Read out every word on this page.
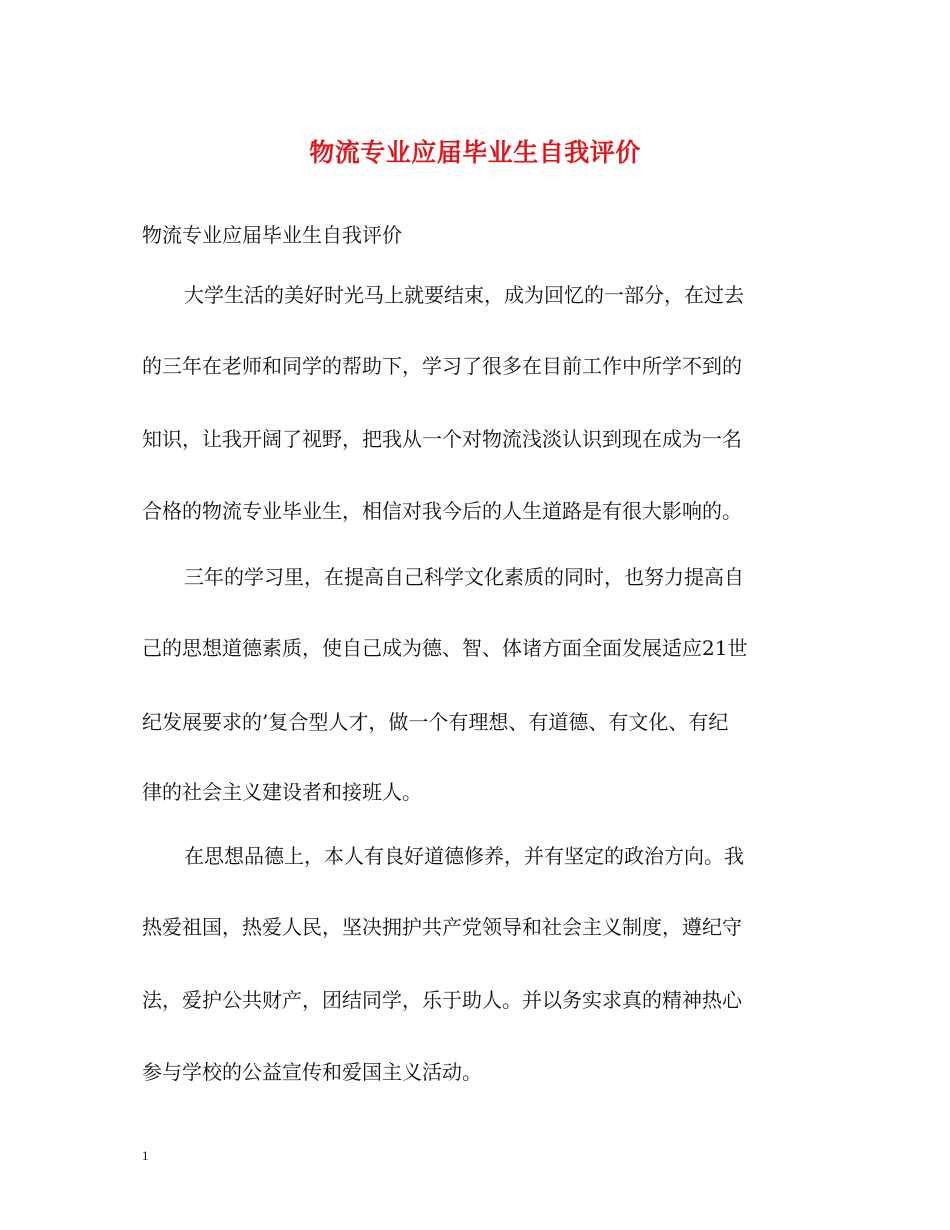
物流专业应届毕业生自我评价
物流专业应届毕业生自我评价
大学生活的美好时光马上就要结束，成为回忆的一部分，在过去
的三年在老师和同学的帮助下，学习了很多在目前工作中所学不到的
知识，让我开阔了视野，把我从一个对物流浅淡认识到现在成为一名
合格的物流专业毕业生，相信对我今后的人生道路是有很大影响的。
三年的学习里，在提高自己科学文化素质的同时，也努力提高自
己的思想道德素质，使自己成为德、智、体诸方面全面发展适应21世
纪发展要求的’复合型人才，做一个有理想、有道德、有文化、有纪
律的社会主义建设者和接班人。
在思想品德上，本人有良好道德修养，并有坚定的政治方向。我
热爱祖国，热爱人民，坚决拥护共产党领导和社会主义制度，遵纪守
法，爱护公共财产，团结同学，乐于助人。并以务实求真的精神热心
参与学校的公益宣传和爱国主义活动。
1
